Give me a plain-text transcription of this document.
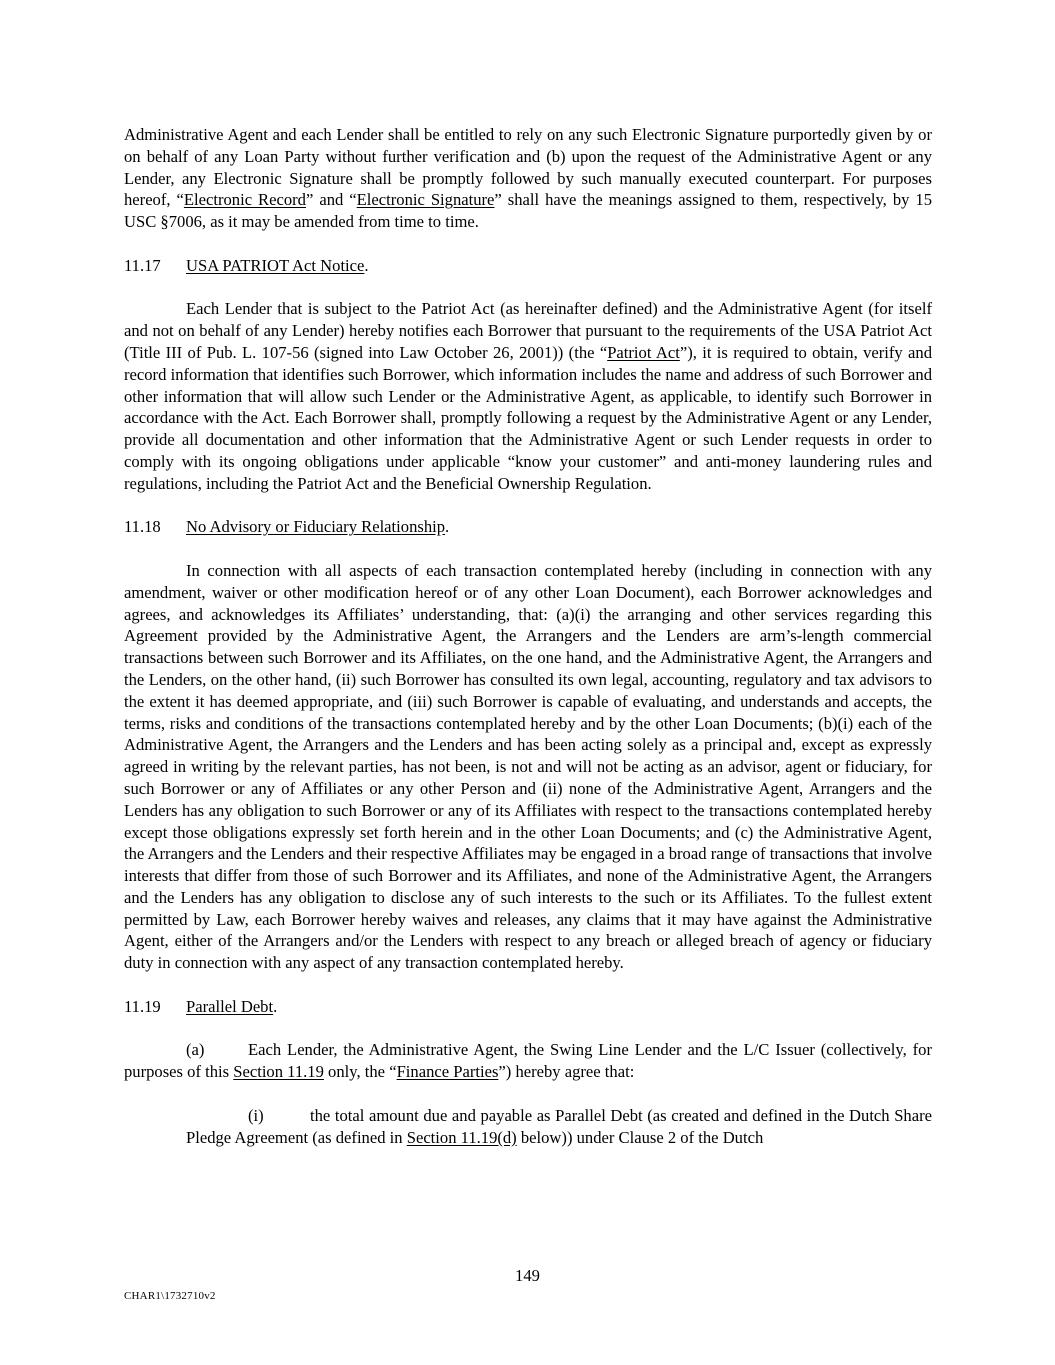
Administrative Agent and each Lender shall be entitled to rely on any such Electronic Signature purportedly given by or on behalf of any Loan Party without further verification and (b) upon the request of the Administrative Agent or any Lender, any Electronic Signature shall be promptly followed by such manually executed counterpart. For purposes hereof, “Electronic Record” and “Electronic Signature” shall have the meanings assigned to them, respectively, by 15 USC §7006, as it may be amended from time to time.

11.17	USA PATRIOT Act Notice.

Each Lender that is subject to the Patriot Act (as hereinafter defined) and the Administrative Agent (for itself and not on behalf of any Lender) hereby notifies each Borrower that pursuant to the requirements of the USA Patriot Act (Title III of Pub. L. 107-56 (signed into Law October 26, 2001)) (the “Patriot Act”), it is required to obtain, verify and record information that identifies such Borrower, which information includes the name and address of such Borrower and other information that will allow such Lender or the Administrative Agent, as applicable, to identify such Borrower in accordance with the Act. Each Borrower shall, promptly following a request by the Administrative Agent or any Lender, provide all documentation and other information that the Administrative Agent or such Lender requests in order to comply with its ongoing obligations under applicable “know your customer” and anti-money laundering rules and regulations, including the Patriot Act and the Beneficial Ownership Regulation.

11.18	No Advisory or Fiduciary Relationship.

In connection with all aspects of each transaction contemplated hereby (including in connection with any amendment, waiver or other modification hereof or of any other Loan Document), each Borrower acknowledges and agrees, and acknowledges its Affiliates’ understanding, that: (a)(i) the arranging and other services regarding this Agreement provided by the Administrative Agent, the Arrangers and the Lenders are arm’s-length commercial transactions between such Borrower and its Affiliates, on the one hand, and the Administrative Agent, the Arrangers and the Lenders, on the other hand, (ii) such Borrower has consulted its own legal, accounting, regulatory and tax advisors to the extent it has deemed appropriate, and (iii) such Borrower is capable of evaluating, and understands and accepts, the terms, risks and conditions of the transactions contemplated hereby and by the other Loan Documents; (b)(i) each of the Administrative Agent, the Arrangers and the Lenders and has been acting solely as a principal and, except as expressly agreed in writing by the relevant parties, has not been, is not and will not be acting as an advisor, agent or fiduciary, for such Borrower or any of Affiliates or any other Person and (ii) none of the Administrative Agent, Arrangers and the Lenders has any obligation to such Borrower or any of its Affiliates with respect to the transactions contemplated hereby except those obligations expressly set forth herein and in the other Loan Documents; and (c) the Administrative Agent, the Arrangers and the Lenders and their respective Affiliates may be engaged in a broad range of transactions that involve interests that differ from those of such Borrower and its Affiliates, and none of the Administrative Agent, the Arrangers and the Lenders has any obligation to disclose any of such interests to the such or its Affiliates. To the fullest extent permitted by Law, each Borrower hereby waives and releases, any claims that it may have against the Administrative Agent, either of the Arrangers and/or the Lenders with respect to any breach or alleged breach of agency or fiduciary duty in connection with any aspect of any transaction contemplated hereby.

11.19	Parallel Debt.

(a)	Each Lender, the Administrative Agent, the Swing Line Lender and the L/C Issuer (collectively, for purposes of this Section 11.19 only, the “Finance Parties”) hereby agree that:

(i)	the total amount due and payable as Parallel Debt (as created and defined in the Dutch Share Pledge Agreement (as defined in Section 11.19(d) below)) under Clause 2 of the Dutch

149
CHAR1\1732710v2
